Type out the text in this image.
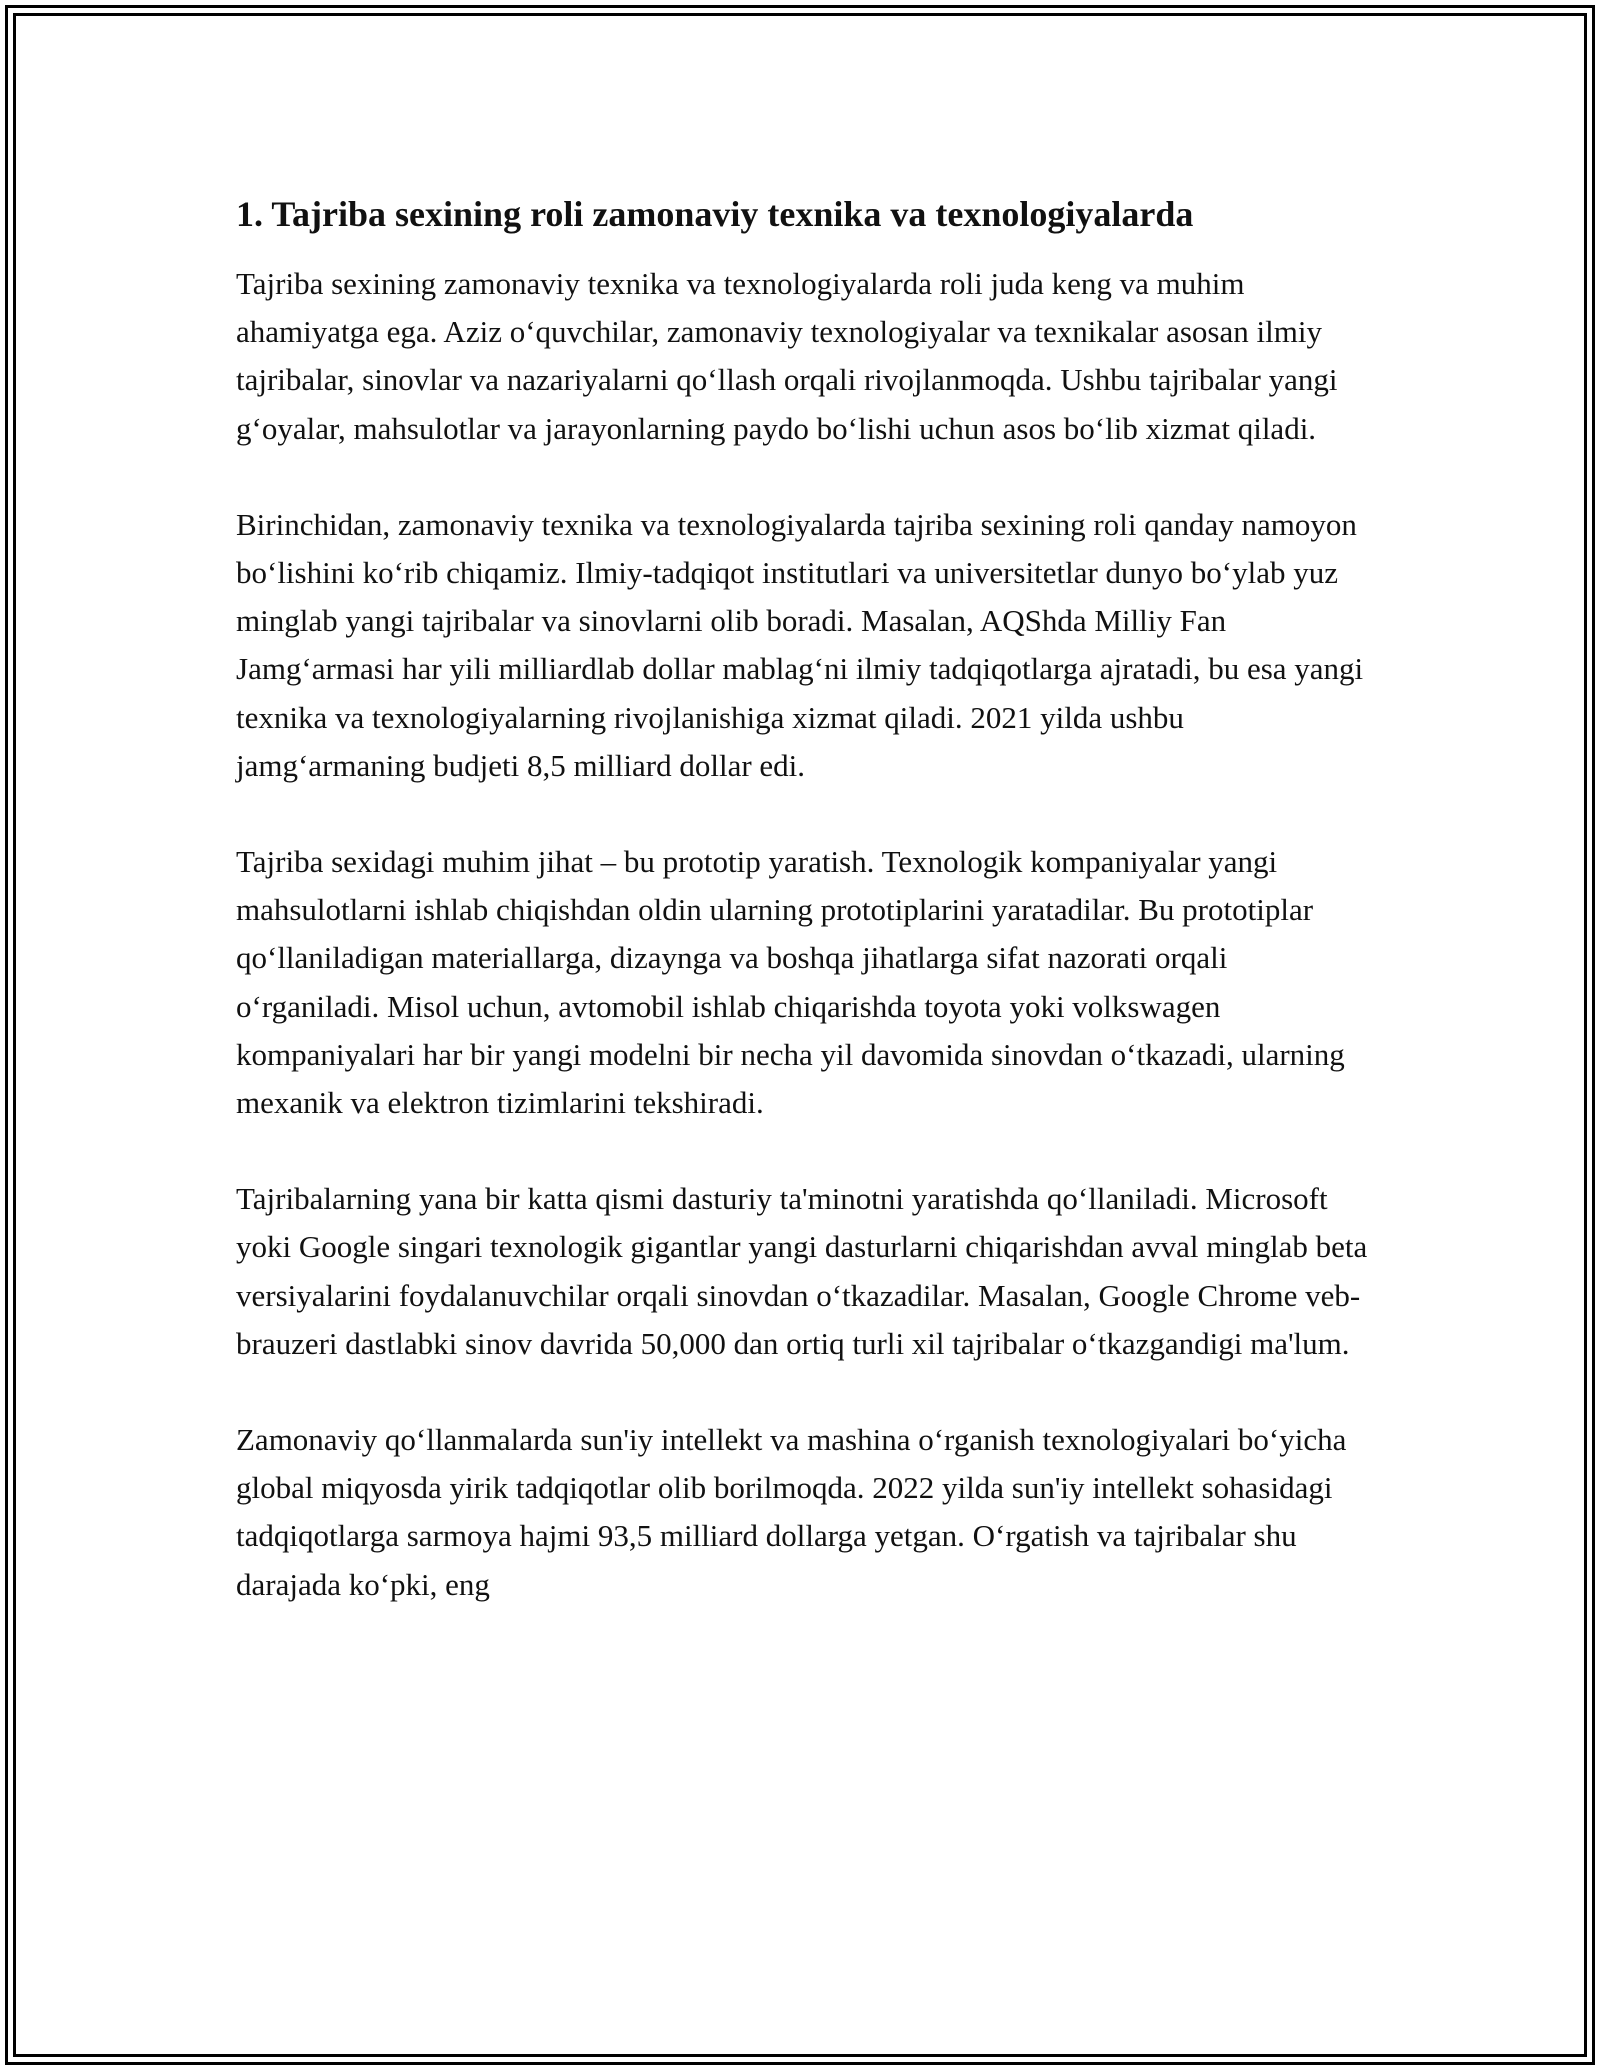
1. Tajriba sexining roli zamonaviy texnika va texnologiyalarda

Tajriba sexining zamonaviy texnika va texnologiyalarda roli juda keng va muhim ahamiyatga ega. Aziz o‘quvchilar, zamonaviy texnologiyalar va texnikalar asosan ilmiy tajribalar, sinovlar va nazariyalarni qo‘llash orqali rivojlanmoqda. Ushbu tajribalar yangi g‘oyalar, mahsulotlar va jarayonlarning paydo bo‘lishi uchun asos bo‘lib xizmat qiladi.

Birinchidan, zamonaviy texnika va texnologiyalarda tajriba sexining roli qanday namoyon bo‘lishini ko‘rib chiqamiz. Ilmiy-tadqiqot institutlari va universitetlar dunyo bo‘ylab yuz minglab yangi tajribalar va sinovlarni olib boradi. Masalan, AQShda Milliy Fan Jamg‘armasi har yili milliardlab dollar mablag‘ni ilmiy tadqiqotlarga ajratadi, bu esa yangi texnika va texnologiyalarning rivojlanishiga xizmat qiladi. 2021 yilda ushbu jamg‘armaning budjeti 8,5 milliard dollar edi.

Tajriba sexidagi muhim jihat – bu prototip yaratish. Texnologik kompaniyalar yangi mahsulotlarni ishlab chiqishdan oldin ularning prototiplarini yaratadilar. Bu prototiplar qo‘llaniladigan materiallarga, dizaynga va boshqa jihatlarga sifat nazorati orqali o‘rganiladi. Misol uchun, avtomobil ishlab chiqarishda toyota yoki volkswagen kompaniyalari har bir yangi modelni bir necha yil davomida sinovdan o‘tkazadi, ularning mexanik va elektron tizimlarini tekshiradi.

Tajribalarning yana bir katta qismi dasturiy ta'minotni yaratishda qo‘llaniladi. Microsoft yoki Google singari texnologik gigantlar yangi dasturlarni chiqarishdan avval minglab beta versiyalarini foydalanuvchilar orqali sinovdan o‘tkazadilar. Masalan, Google Chrome veb-brauzeri dastlabki sinov davrida 50,000 dan ortiq turli xil tajribalar o‘tkazgandigi ma'lum.

Zamonaviy qo‘llanmalarda sun'iy intellekt va mashina o‘rganish texnologiyalari bo‘yicha global miqyosda yirik tadqiqotlar olib borilmoqda. 2022 yilda sun'iy intellekt sohasidagi tadqiqotlarga sarmoya hajmi 93,5 milliard dollarga yetgan. O‘rgatish va tajribalar shu darajada ko‘pki, eng
